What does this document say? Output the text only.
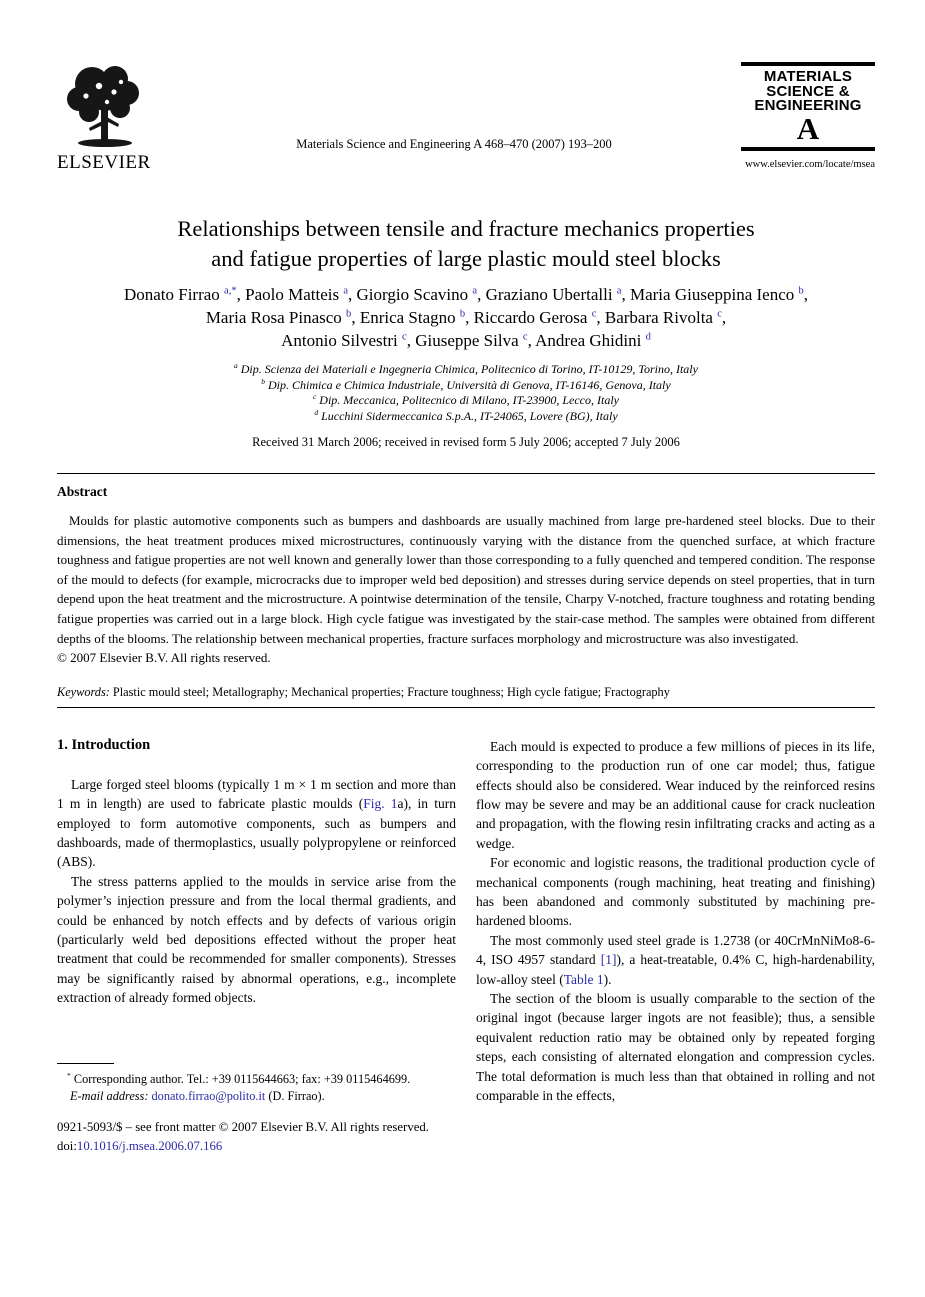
ELSEVIER
Materials Science and Engineering A 468–470 (2007) 193–200
MATERIALS
SCIENCE &
ENGINEERING
A
www.elsevier.com/locate/msea
Relationships between tensile and fracture mechanics properties
and fatigue properties of large plastic mould steel blocks
Donato Firrao $^{a,*}$, Paolo Matteis $^a$, Giorgio Scavino $^a$, Graziano Ubertalli $^a$, Maria Giuseppina Ienco $^b$,
Maria Rosa Pinasco $^b$, Enrica Stagno $^b$, Riccardo Gerosa $^c$, Barbara Rivolta $^c$,
Antonio Silvestri $^c$, Giuseppe Silva $^c$, Andrea Ghidini $^d$
$^a$ Dip. Scienza dei Materiali e Ingegneria Chimica, Politecnico di Torino, IT-10129, Torino, Italy
$^b$ Dip. Chimica e Chimica Industriale, Università di Genova, IT-16146, Genova, Italy
$^c$ Dip. Meccanica, Politecnico di Milano, IT-23900, Lecco, Italy
$^d$ Lucchini Sidermeccanica S.p.A., IT-24065, Lovere (BG), Italy
Received 31 March 2006; received in revised form 5 July 2006; accepted 7 July 2006
Abstract

Moulds for plastic automotive components such as bumpers and dashboards are usually machined from large pre-hardened steel blocks. Due to their dimensions, the heat treatment produces mixed microstructures, continuously varying with the distance from the quenched surface, at which fracture toughness and fatigue properties are not well known and generally lower than those corresponding to a fully quenched and tempered condition. The response of the mould to defects (for example, microcracks due to improper weld bed deposition) and stresses during service depends on steel properties, that in turn depend upon the heat treatment and the microstructure. A pointwise determination of the tensile, Charpy V-notched, fracture toughness and rotating bending fatigue properties was carried out in a large block. High cycle fatigue was investigated by the stair-case method. The samples were obtained from different depths of the blooms. The relationship between mechanical properties, fracture surfaces morphology and microstructure was also investigated.

© 2007 Elsevier B.V. All rights reserved.

Keywords: Plastic mould steel; Metallography; Mechanical properties; Fracture toughness; High cycle fatigue; Fractography
1. Introduction

Large forged steel blooms (typically 1 m × 1 m section and more than 1 m in length) are used to fabricate plastic moulds (Fig. 1a), in turn employed to form automotive components, such as bumpers and dashboards, made of thermoplastics, usually polypropylene or reinforced (ABS).

The stress patterns applied to the moulds in service arise from the polymer’s injection pressure and from the local thermal gradients, and could be enhanced by notch effects and by defects of various origin (particularly weld bed depositions effected without the proper heat treatment that could be recommended for smaller components). Stresses may be significantly raised by abnormal operations, e.g., incomplete extraction of already formed objects.

* Corresponding author. Tel.: +39 0115644663; fax: +39 0115464699.
E-mail address: donato.firrao@polito.it (D. Firrao).

Each mould is expected to produce a few millions of pieces in its life, corresponding to the production run of one car model; thus, fatigue effects should also be considered. Wear induced by the reinforced resins flow may be severe and may be an additional cause for crack nucleation and propagation, with the flowing resin infiltrating cracks and acting as a wedge.

For economic and logistic reasons, the traditional production cycle of mechanical components (rough machining, heat treating and finishing) has been abandoned and commonly substituted by machining pre-hardened blooms.

The most commonly used steel grade is 1.2738 (or 40CrMnNiMo8-6-4, ISO 4957 standard [1]), a heat-treatable, 0.4% C, high-hardenability, low-alloy steel (Table 1).

The section of the bloom is usually comparable to the section of the original ingot (because larger ingots are not feasible); thus, a sensible equivalent reduction ratio may be obtained only by repeated forging steps, each consisting of alternated elongation and compression cycles. The total deformation is much less than that obtained in rolling and not comparable in the effects,

0921-5093/$ – see front matter © 2007 Elsevier B.V. All rights reserved.
doi:10.1016/j.msea.2006.07.166
